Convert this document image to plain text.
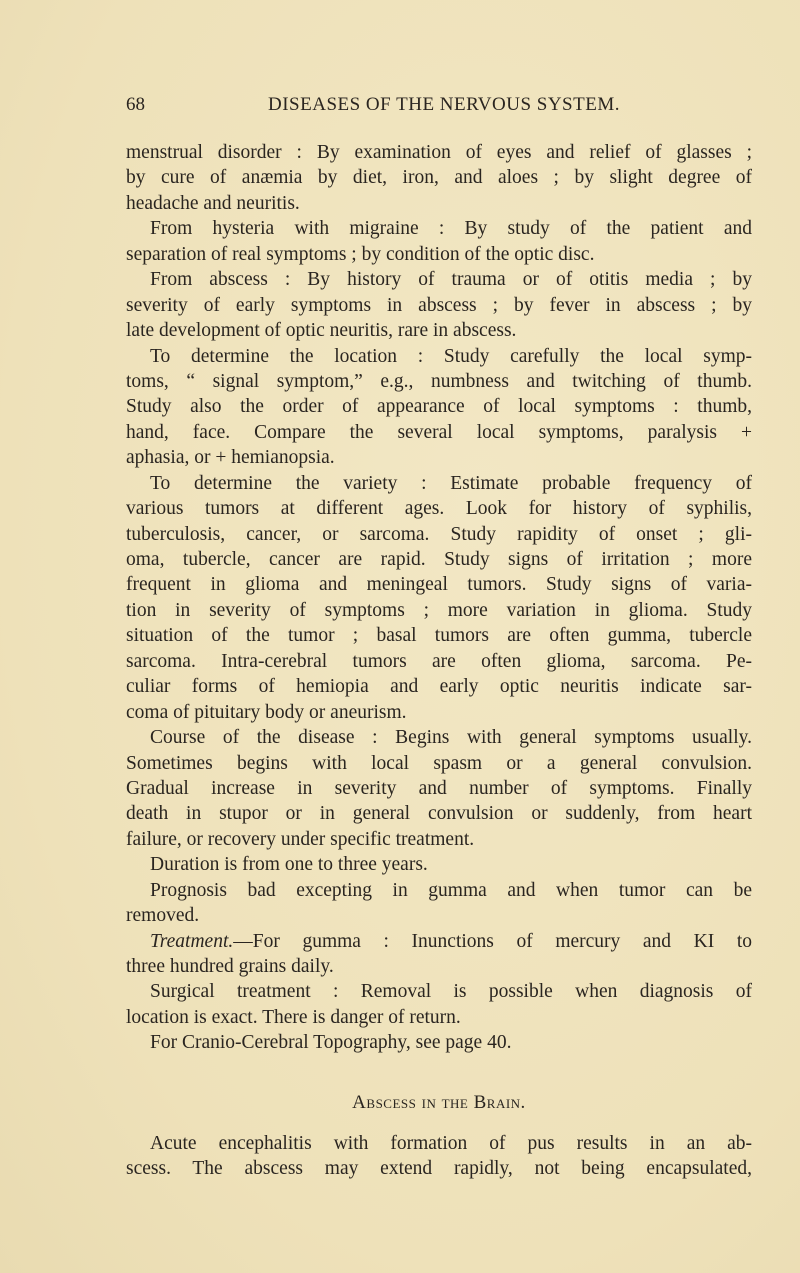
68	DISEASES OF THE NERVOUS SYSTEM.
menstrual disorder : By examination of eyes and relief of glasses ;
by cure of anæmia by diet, iron, and aloes ; by slight degree of
headache and neuritis.
From hysteria with migraine : By study of the patient and
separation of real symptoms ; by condition of the optic disc.
From abscess : By history of trauma or of otitis media ; by
severity of early symptoms in abscess ; by fever in abscess ; by
late development of optic neuritis, rare in abscess.
To determine the location : Study carefully the local symp-
toms, “ signal symptom,” e.g., numbness and twitching of thumb.
Study also the order of appearance of local symptoms : thumb,
hand, face. Compare the several local symptoms, paralysis +
aphasia, or + hemianopsia.
To determine the variety : Estimate probable frequency of
various tumors at different ages. Look for history of syphilis,
tuberculosis, cancer, or sarcoma. Study rapidity of onset ; gli-
oma, tubercle, cancer are rapid. Study signs of irritation ; more
frequent in glioma and meningeal tumors. Study signs of varia-
tion in severity of symptoms ; more variation in glioma. Study
situation of the tumor ; basal tumors are often gumma, tubercle
sarcoma. Intra-cerebral tumors are often glioma, sarcoma. Pe-
culiar forms of hemiopia and early optic neuritis indicate sar-
coma of pituitary body or aneurism.
Course of the disease : Begins with general symptoms usually.
Sometimes begins with local spasm or a general convulsion.
Gradual increase in severity and number of symptoms. Finally
death in stupor or in general convulsion or suddenly, from heart
failure, or recovery under specific treatment.
Duration is from one to three years.
Prognosis bad excepting in gumma and when tumor can be
removed.
Treatment.—For gumma : Inunctions of mercury and KI to
three hundred grains daily.
Surgical treatment : Removal is possible when diagnosis of
location is exact. There is danger of return.
For Cranio-Cerebral Topography, see page 40.
Abscess in the Brain.
Acute encephalitis with formation of pus results in an ab-
scess. The abscess may extend rapidly, not being encapsulated,
